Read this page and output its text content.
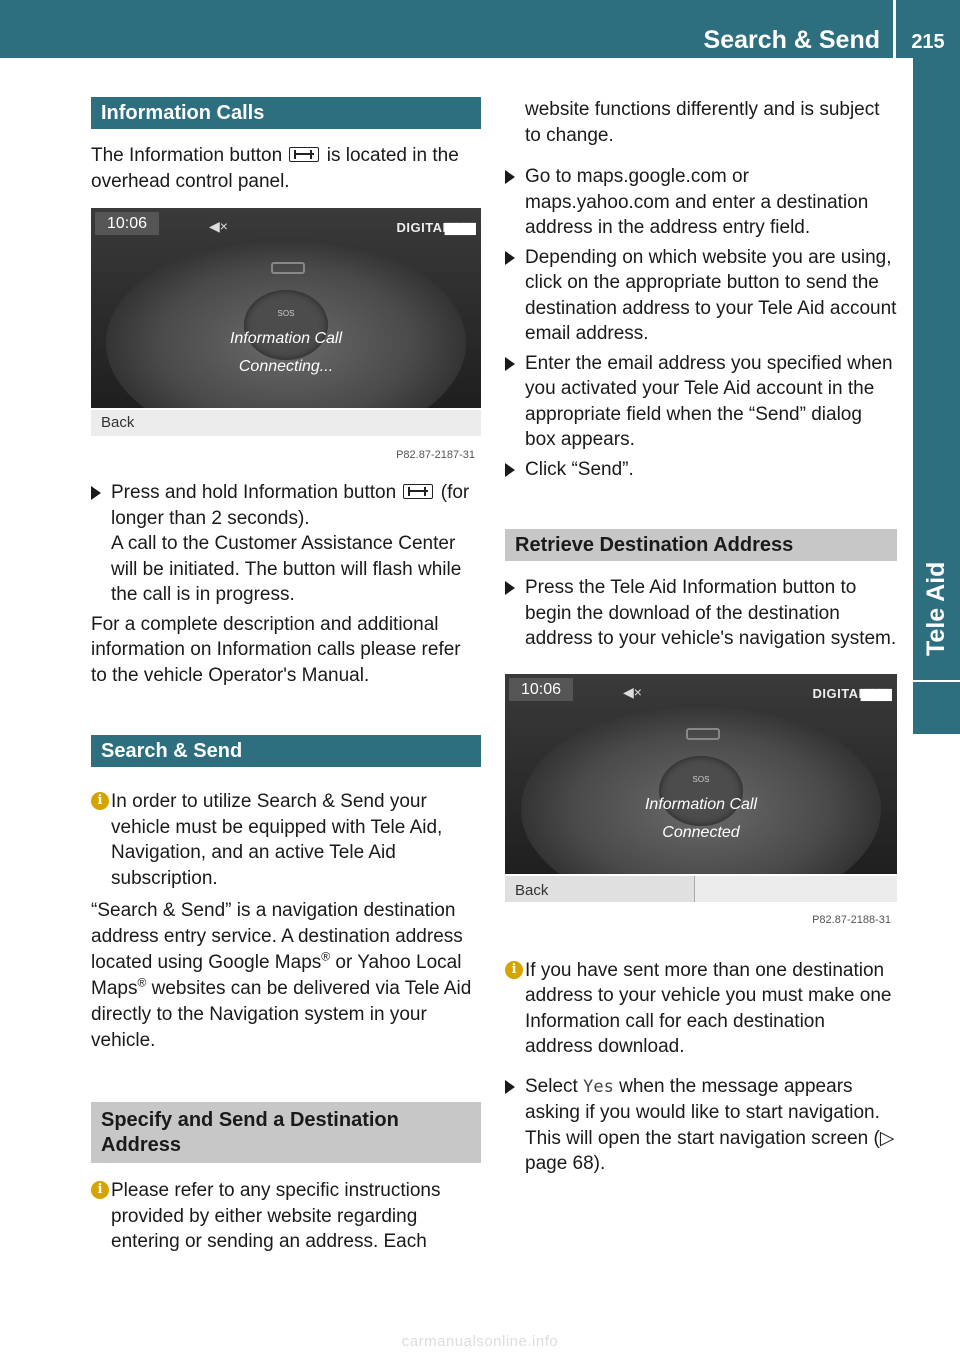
Search & Send	215
Tele Aid
Information Calls

The Information button is located in the overhead control panel.

10:06	◀×	DIGITAL
█████
SOS
Information Call
Connecting...
Back
P82.87-2187-31
Press and hold Information button (for longer than 2 seconds).
A call to the Customer Assistance Center will be initiated. The button will flash while the call is in progress.

For a complete description and additional information on Information calls please refer to the vehicle Operator's Manual.

Search & Send
i In order to utilize Search & Send your vehicle must be equipped with Tele Aid, Navigation, and an active Tele Aid subscription.

“Search & Send” is a navigation destination address entry service. A destination address located using Google Maps® or Yahoo Local Maps® websites can be delivered via Tele Aid directly to the Navigation system in your vehicle.

Specify and Send a Destination Address
i Please refer to any specific instructions provided by either website regarding entering or sending an address. Each

website functions differently and is subject to change.

Go to maps.google.com or maps.yahoo.com and enter a destination address in the address entry field.
Depending on which website you are using, click on the appropriate button to send the destination address to your Tele Aid account email address.
Enter the email address you specified when you activated your Tele Aid account in the appropriate field when the “Send” dialog box appears.
Click “Send”.
Retrieve Destination Address
Press the Tele Aid Information button to begin the download of the destination address to your vehicle's navigation system.
10:06	◀×	DIGITAL
█████
SOS
Information Call
Connected
Back
P82.87-2188-31
i If you have sent more than one destination address to your vehicle you must make one Information call for each destination address download.
Select Yes when the message appears asking if you would like to start navigation. This will open the start navigation screen (▷ page 68).
carmanualsonline.info
